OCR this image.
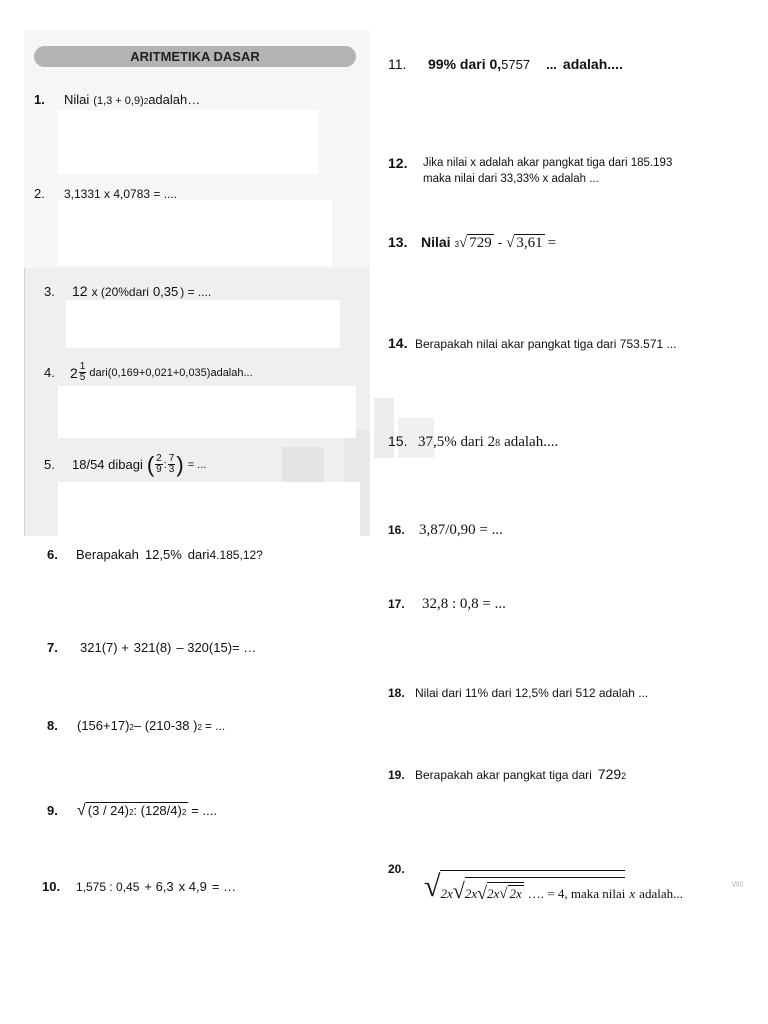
ARITMETIKA DASAR
1.	Nilai (1,3 + 0,9) 2 adalah…
2.	3,1331 x 4,0783 = ....
3.	12 x (20%dari 0,35 ) = ....
4.	$2 \frac{1}{5}$ dari(0,169+0,021+0,035)adalah...
5.	18/54 dibagi ( $\frac{2}{9}$ : $\frac{7}{3}$ ) = ...
6.	Berapakah 12,5% dari 4.185,12?
7.	321(7) + 321(8) – 320(15)= …
8.	(156+17) 2 – (210-38 ) 2 = ...
9.	√ (3 / 24) 2 : (128/4) 2 = ....
10.	1,575 : 0,45 + 6,3 x 4,9 = …
11.	99% dari 0, 5757 ... adalah....
12.	Jika nilai x adalah akar pangkat tiga dari 185.193
maka nilai dari 33,33% x adalah ...
13. Nilai 3 √ 729 - √ 3,61 =
14. Berapakah nilai akar pangkat tiga dari 753.571 ...
15. 37,5% dari 2 8 adalah....
16. 3,87/0,90 = ...
17.	32,8 : 0,8 = ...
18. Nilai dari 11% dari 12,5% dari 512 adalah ...
19. Berapakah akar pangkat tiga dari 729 2
20.
√ 2x √ 2x √ 2x √ 2x …. = 4, maka nilai x adalah...
Wil
